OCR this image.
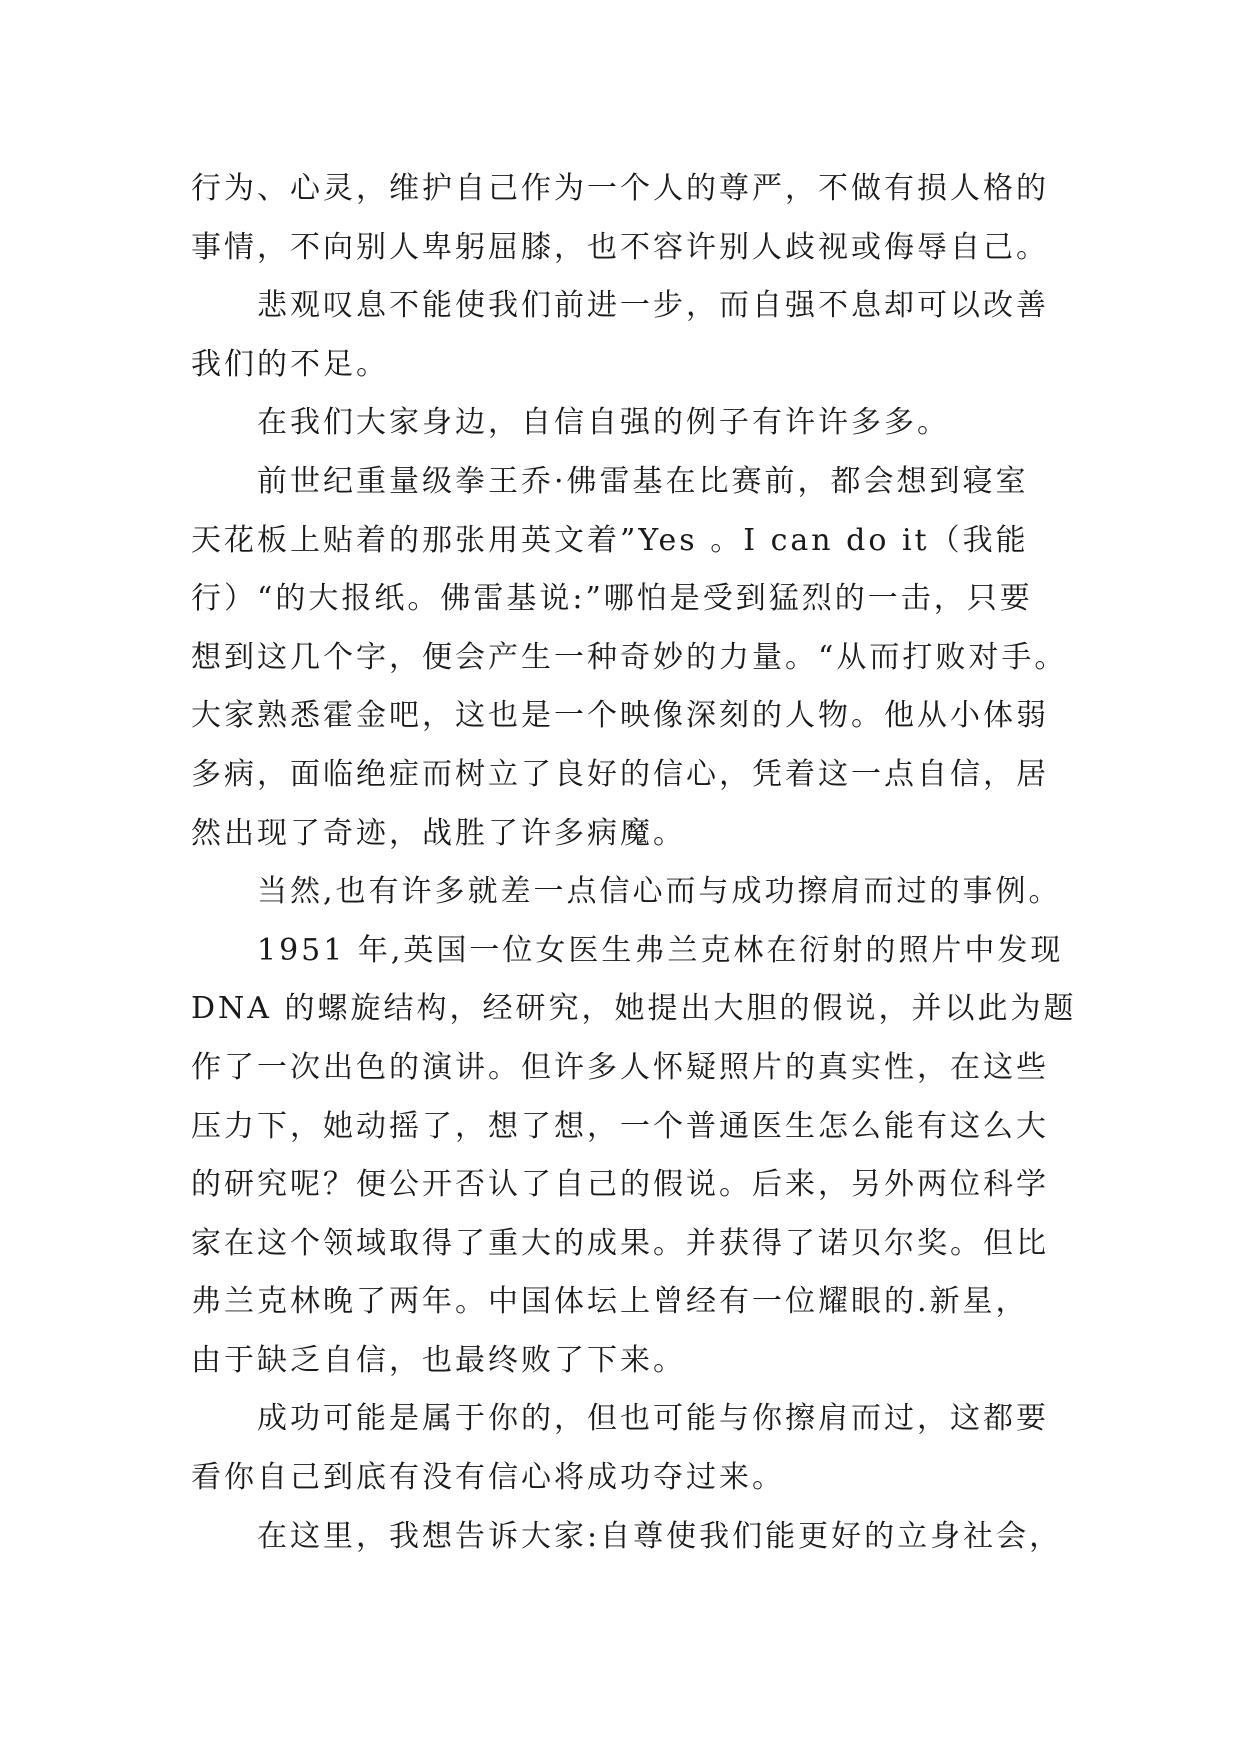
行为、心灵，维护自己作为一个人的尊严，不做有损人格的
事情，不向别人卑躬屈膝，也不容许别人歧视或侮辱自己。
悲观叹息不能使我们前进一步，而自强不息却可以改善
我们的不足。
在我们大家身边，自信自强的例子有许许多多。
前世纪重量级拳王乔·佛雷基在比赛前，都会想到寝室
天花板上贴着的那张用英文着”Yes 。I can do it（我能
行）“的大报纸。佛雷基说:”哪怕是受到猛烈的一击，只要
想到这几个字，便会产生一种奇妙的力量。“从而打败对手。
大家熟悉霍金吧，这也是一个映像深刻的人物。他从小体弱
多病，面临绝症而树立了良好的信心，凭着这一点自信，居
然出现了奇迹，战胜了许多病魔。
当然,也有许多就差一点信心而与成功擦肩而过的事例。
1951 年,英国一位女医生弗兰克林在衍射的照片中发现
DNA 的螺旋结构，经研究，她提出大胆的假说，并以此为题
作了一次出色的演讲。但许多人怀疑照片的真实性，在这些
压力下，她动摇了，想了想，一个普通医生怎么能有这么大
的研究呢？便公开否认了自己的假说。后来，另外两位科学
家在这个领域取得了重大的成果。并获得了诺贝尔奖。但比
弗兰克林晚了两年。中国体坛上曾经有一位耀眼的.新星，
由于缺乏自信，也最终败了下来。
成功可能是属于你的，但也可能与你擦肩而过，这都要
看你自己到底有没有信心将成功夺过来。
在这里，我想告诉大家:自尊使我们能更好的立身社会，
